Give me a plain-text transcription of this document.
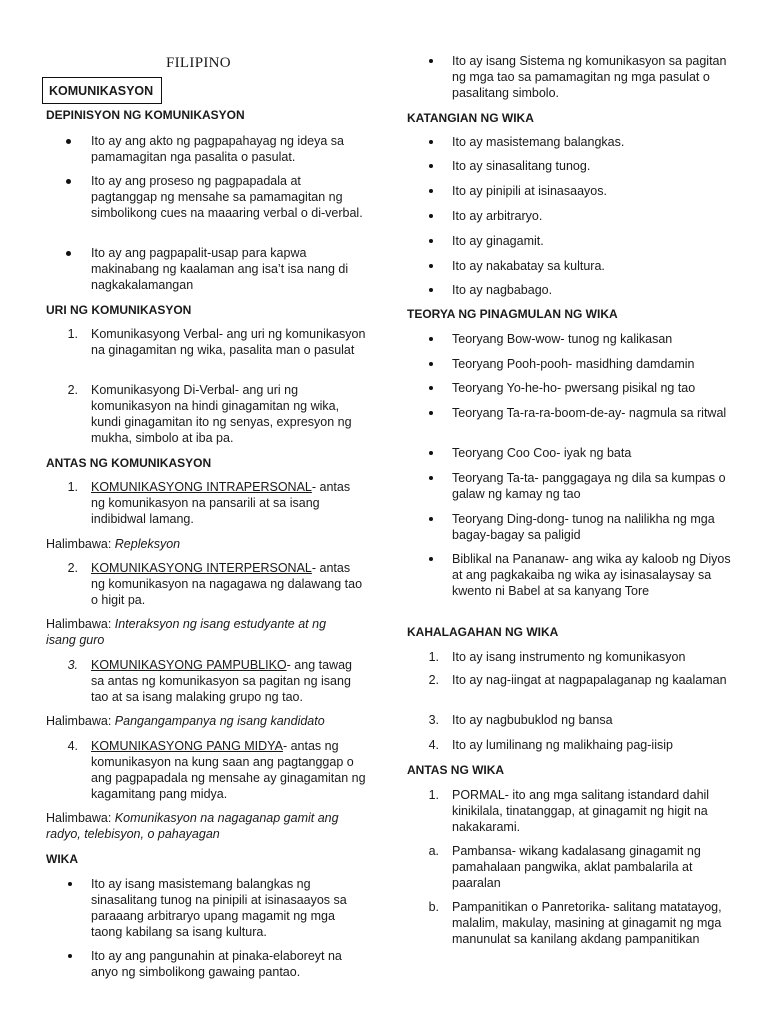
FILIPINO
KOMUNIKASYON
DEPINISYON NG KOMUNIKASYON
Ito ay ang akto ng pagpapahayag ng ideya sa pamamagitan nga pasalita o pasulat.
Ito ay ang proseso ng pagpapadala at pagtanggap ng mensahe sa pamamagitan ng simbolikong cues na maaaring verbal o di-verbal.
Ito ay ang pagpapalit-usap para kapwa makinabang ng kaalaman ang isa’t isa nang di nagkakalamangan
URI NG KOMUNIKASYON
1. Komunikasyong Verbal- ang uri ng komunikasyon na ginagamitan ng wika, pasalita man o pasulat
2. Komunikasyong Di-Verbal- ang uri ng komunikasyon na hindi ginagamitan ng wika, kundi ginagamitan ito ng senyas, expresyon ng mukha, simbolo at iba pa.
ANTAS NG KOMUNIKASYON
1. KOMUNIKASYONG INTRAPERSONAL- antas ng komunikasyon na pansarili at sa isang indibidwal lamang.
Halimbawa: Repleksyon
2. KOMUNIKASYONG INTERPERSONAL- antas ng komunikasyon na nagagawa ng dalawang tao o higit pa.
Halimbawa: Interaksyon ng isang estudyante at ng isang guro
3. KOMUNIKASYONG PAMPUBLIKO- ang tawag sa antas ng komunikasyon sa pagitan ng isang tao at sa isang malaking grupo ng tao.
Halimbawa: Pangangampanya ng isang kandidato
4. KOMUNIKASYONG PANG MIDYA- antas ng komunikasyon na kung saan ang pagtanggap o ang pagpapadala ng mensahe ay ginagamitan ng kagamitang pang midya.
Halimbawa: Komunikasyon na nagaganap gamit ang radyo, telebisyon, o pahayagan
WIKA
Ito ay isang masistemang balangkas ng sinasalitang tunog na pinipili at isinasaayos sa paraaang arbitraryo upang magamit ng mga taong kabilang sa isang kultura.
Ito ay ang pangunahin at pinaka-elaboreyt na anyo ng simbolikong gawaing pantao.
Ito ay isang Sistema ng komunikasyon sa pagitan ng mga tao sa pamamagitan ng mga pasulat o pasalitang simbolo.
KATANGIAN NG WIKA
Ito ay masistemang balangkas.
Ito ay sinasalitang tunog.
Ito ay pinipili at isinasaayos.
Ito ay arbitraryo.
Ito ay ginagamit.
Ito ay nakabatay sa kultura.
Ito ay nagbabago.
TEORYA NG PINAGMULAN NG WIKA
Teoryang Bow-wow- tunog ng kalikasan
Teoryang Pooh-pooh- masidhing damdamin
Teoryang Yo-he-ho- pwersang pisikal ng tao
Teoryang Ta-ra-ra-boom-de-ay- nagmula sa ritwal
Teoryang Coo Coo- iyak ng bata
Teoryang Ta-ta- panggagaya ng dila sa kumpas o galaw ng kamay ng tao
Teoryang Ding-dong- tunog na nalilikha ng mga bagay-bagay sa paligid
Biblikal na Pananaw- ang wika ay kaloob ng Diyos at ang pagkakaiba ng wika ay isinasalaysay sa kwento ni Babel at sa kanyang Tore
KAHALAGAHAN NG WIKA
1. Ito ay isang instrumento ng komunikasyon
2. Ito ay nag-iingat at nagpapalaganap ng kaalaman
3. Ito ay nagbubuklod ng bansa
4. Ito ay lumilinang ng malikhaing pag-iisip
ANTAS NG WIKA
1. PORMAL- ito ang mga salitang istandard dahil kinikilala, tinatanggap, at ginagamit ng higit na nakakarami.
a. Pambansa- wikang kadalasang ginagamit ng pamahalaan pangwika, aklat pambalarila at paaralan
b. Pampanitikan o Panretorika- salitang matatayog, malalim, makulay, masining at ginagamit ng mga manunulat sa kanilang akdang pampanitikan
